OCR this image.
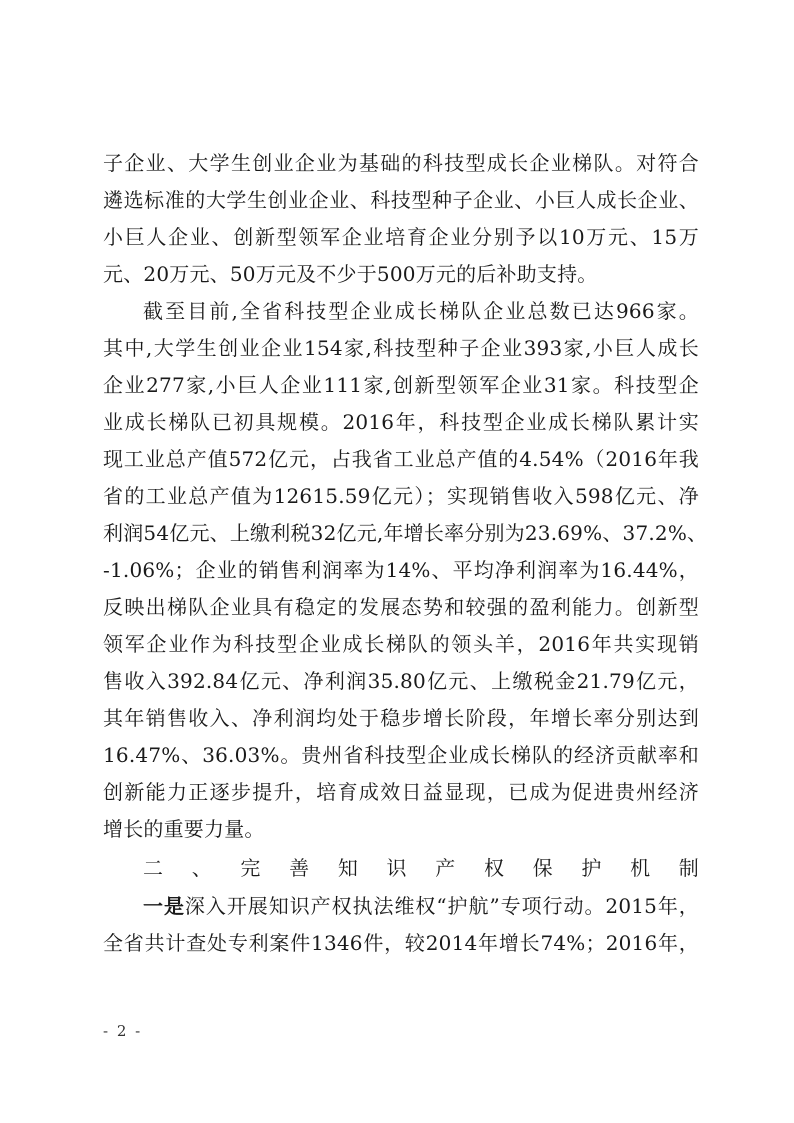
子企业、大学生创业企业为基础的科技型成长企业梯队。对符合
遴选标准的大学生创业企业、科技型种子企业、小巨人成长企业、
小巨人企业、创新型领军企业培育企业分别予以10万元、15万
元、20万元、50万元及不少于500万元的后补助支持。
截至目前,全省科技型企业成长梯队企业总数已达966家。
其中,大学生创业企业154家,科技型种子企业393家,小巨人成长
企业277家,小巨人企业111家,创新型领军企业31家。科技型企
业成长梯队已初具规模。2016年，科技型企业成长梯队累计实
现工业总产值572亿元，占我省工业总产值的4.54%（2016年我
省的工业总产值为12615.59亿元）；实现销售收入598亿元、净
利润54亿元、上缴利税32亿元,年增长率分别为23.69%、37.2%、
-1.06%；企业的销售利润率为14%、平均净利润率为16.44%，
反映出梯队企业具有稳定的发展态势和较强的盈利能力。创新型
领军企业作为科技型企业成长梯队的领头羊，2016年共实现销
售收入392.84亿元、净利润35.80亿元、上缴税金21.79亿元，
其年销售收入、净利润均处于稳步增长阶段，年增长率分别达到
16.47%、36.03%。贵州省科技型企业成长梯队的经济贡献率和
创新能力正逐步提升，培育成效日益显现，已成为促进贵州经济
增长的重要力量。
二、完善知识产权保护机制
一是深入开展知识产权执法维权“护航”专项行动。2015年，
全省共计查处专利案件1346件，较2014年增长74%；2016年，
- 2 -
